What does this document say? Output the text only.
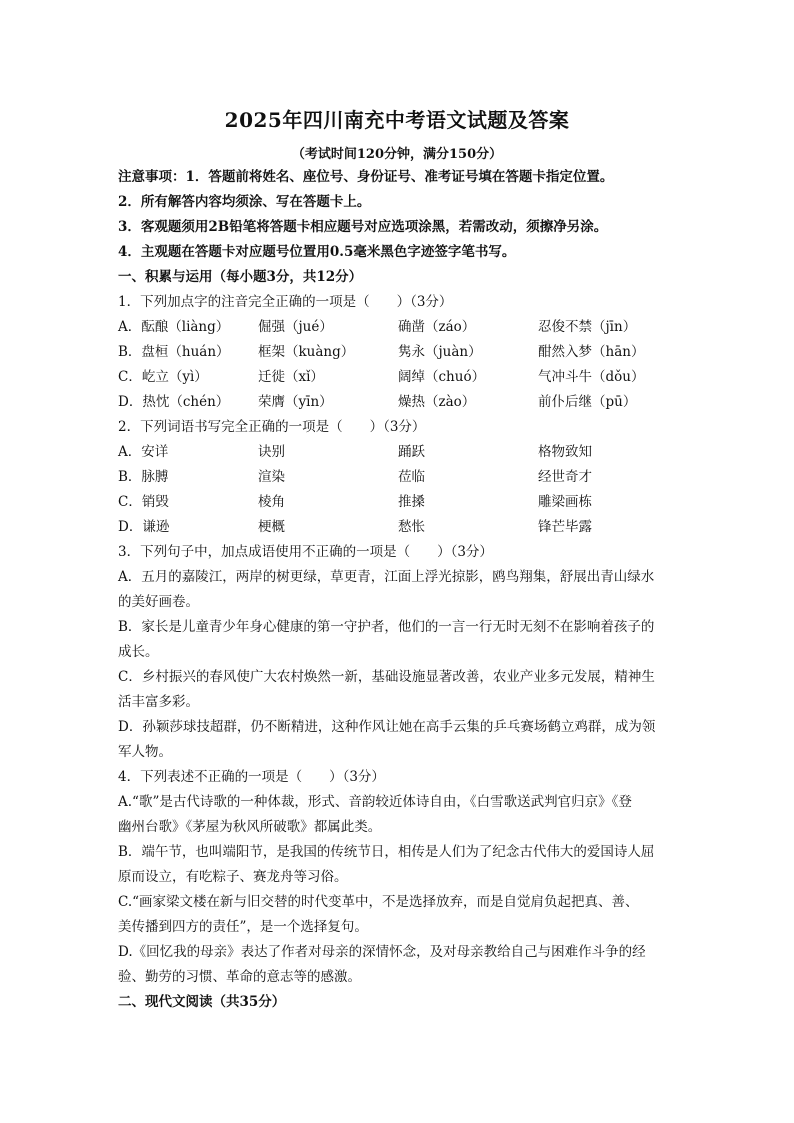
2025年四川南充中考语文试题及答案
（考试时间120分钟，满分150分）
注意事项：1．答题前将姓名、座位号、身份证号、准考证号填在答题卡指定位置。
2．所有解答内容均须涂、写在答题卡上。
3．客观题须用2B铅笔将答题卡相应题号对应选项涂黑，若需改动，须擦净另涂。
4．主观题在答题卡对应题号位置用0.5毫米黑色字迹签字笔书写。
一、积累与运用（每小题3分，共12分）
1．下列加点字的注音完全正确的一项是（　　）（3分）
A．酝酿（liàng） 倔强（jué）	确凿（záo）	忍俊不禁（jīn）
B．盘桓（huán） 框架（kuàng）	隽永（juàn）	酣然入梦（hān）
C．屹立（yì）	迁徙（xǐ）	阔绰（chuó）	气冲斗牛（dǒu）
D．热忱（chén） 荣膺（yīn）	燥热（zào）	前仆后继（pū）
2．下列词语书写完全正确的一项是（　　）（3分）
A．安详	诀别	踊跃	格物致知
B．脉膊	渲染	莅临	经世奇才
C．销毁	棱角	推搡	雕梁画栋
D．谦逊	梗概	愁怅	锋芒毕露
3．下列句子中，加点成语使用不正确的一项是（　　）（3分）
A．五月的嘉陵江，两岸的树更绿，草更青，江面上浮光掠影，鸥鸟翔集，舒展出青山绿水
的美好画卷。
B．家长是儿童青少年身心健康的第一守护者，他们的一言一行无时无刻不在影响着孩子的
成长。
C．乡村振兴的春风使广大农村焕然一新，基础设施显著改善，农业产业多元发展，精神生
活丰富多彩。
D．孙颖莎球技超群，仍不断精进，这种作风让她在高手云集的乒乓赛场鹤立鸡群，成为领
军人物。
4．下列表述不正确的一项是（　　）（3分）
A.“歌”是古代诗歌的一种体裁，形式、音韵较近体诗自由，《白雪歌送武判官归京》《登
幽州台歌》《茅屋为秋风所破歌》都属此类。
B．端午节，也叫端阳节，是我国的传统节日，相传是人们为了纪念古代伟大的爱国诗人屈
原而设立，有吃粽子、赛龙舟等习俗。
C.“画家梁文楼在新与旧交替的时代变革中，不是选择放弃，而是自觉肩负起把真、善、
美传播到四方的责任”，是一个选择复句。
D.《回忆我的母亲》表达了作者对母亲的深情怀念，及对母亲教给自己与困难作斗争的经
验、勤劳的习惯、革命的意志等的感激。
二、现代文阅读（共35分）
